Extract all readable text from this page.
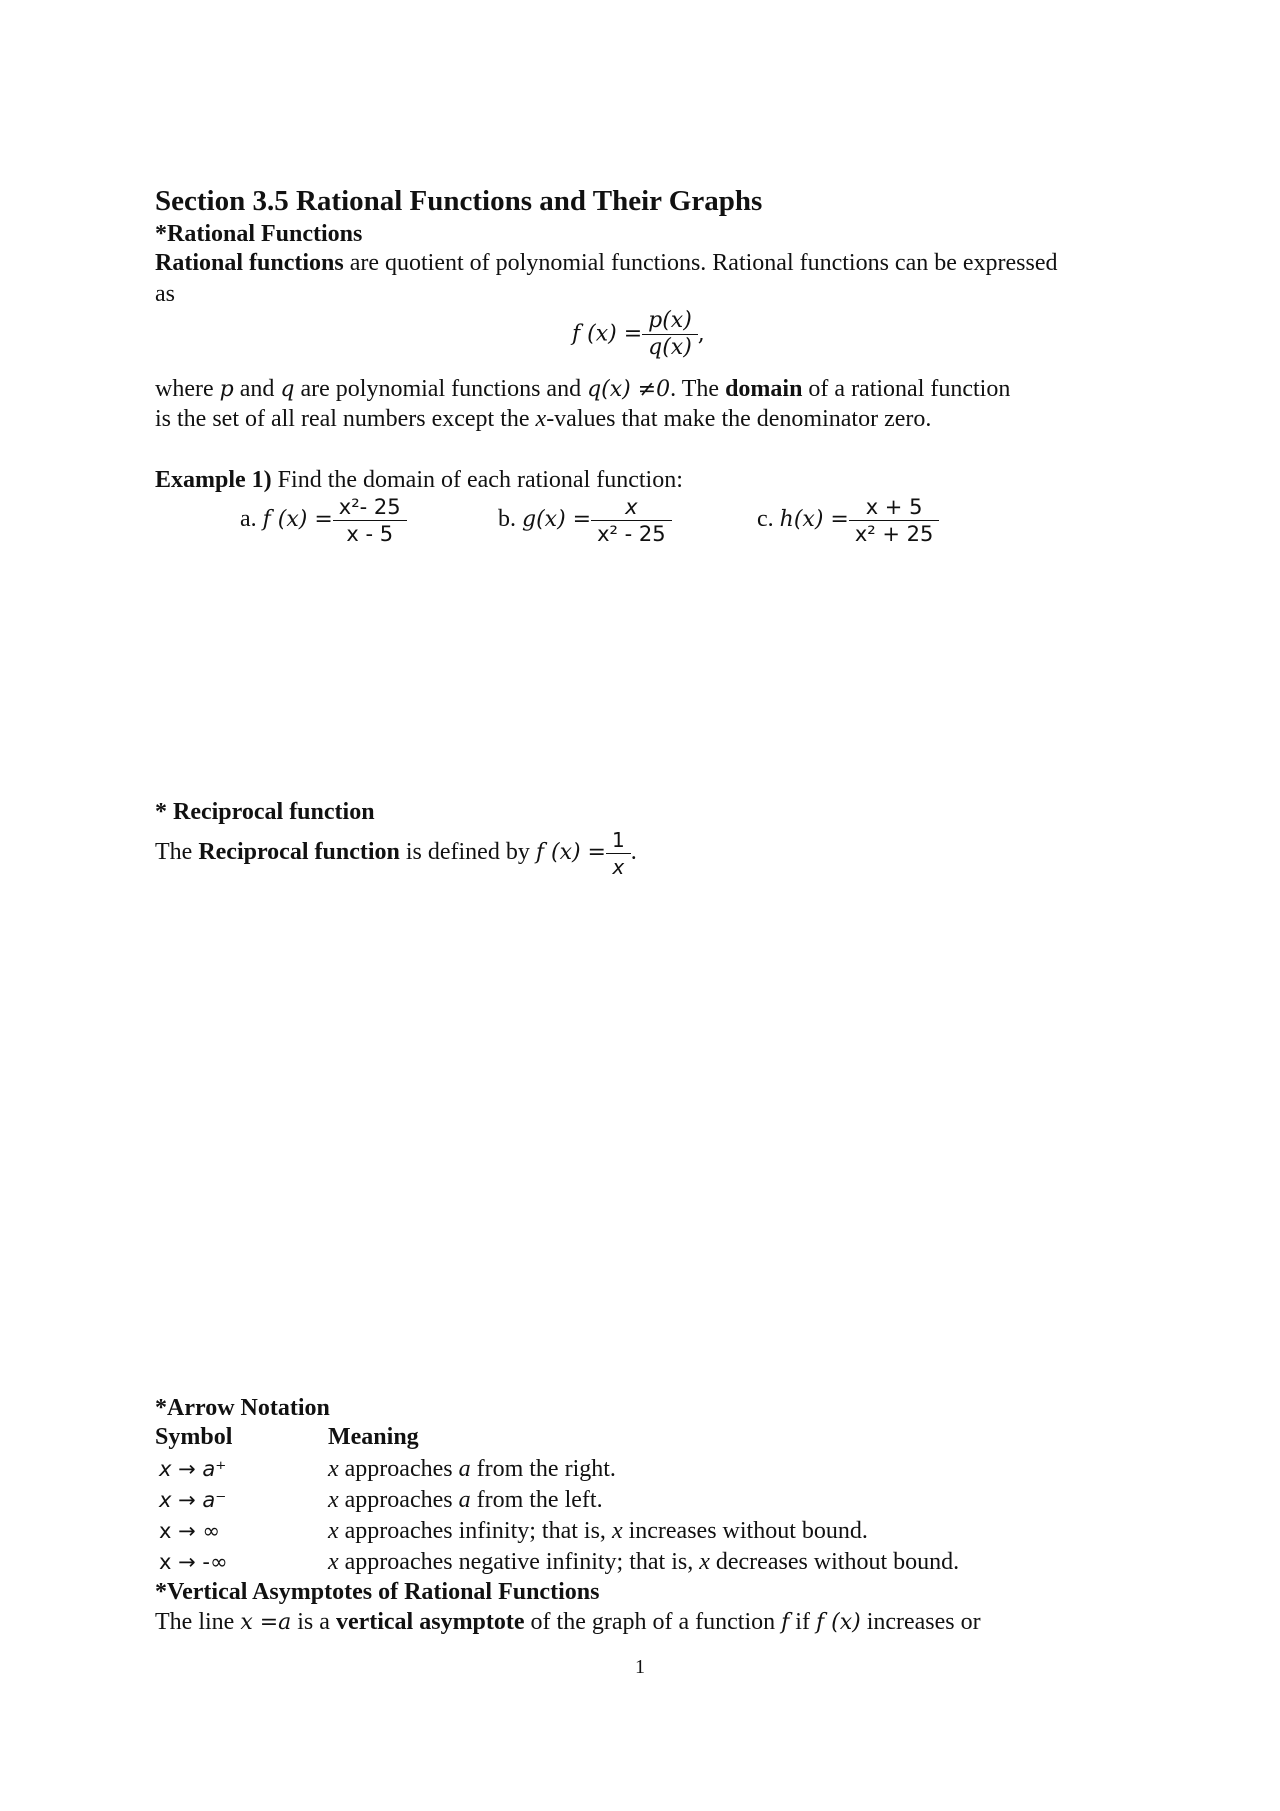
Section 3.5 Rational Functions and Their Graphs
*Rational Functions
Rational functions are quotient of polynomial functions. Rational functions can be expressed
as
f $(x) = \frac{p(x)}{q(x)}$ ,
where p and q are polynomial functions and q(x) ≠0. The domain of a rational function
is the set of all real numbers except the x-values that make the denominator zero.
Example 1) Find the domain of each rational function:
a. f $(x) = \frac{\text{x²- 25}}{x - 5}$	b. $g(x) = \frac{x}{\text{x² - 25}}$	c. $h(x) = \frac{x + 5}{\text{x² + 25}}$
* Reciprocal function
The Reciprocal function is defined by f $(x) = \frac{1}{x}$ .
*Arrow Notation
Symbol	Meaning
x → a⁺	x approaches a from the right.
x → a⁻	x approaches a from the left.
x → ∞	x approaches infinity; that is, x increases without bound.
x → -∞	x approaches negative infinity; that is, x decreases without bound.
*Vertical Asymptotes of Rational Functions
The line x =a is a vertical asymptote of the graph of a function f if f (x) increases or
1
